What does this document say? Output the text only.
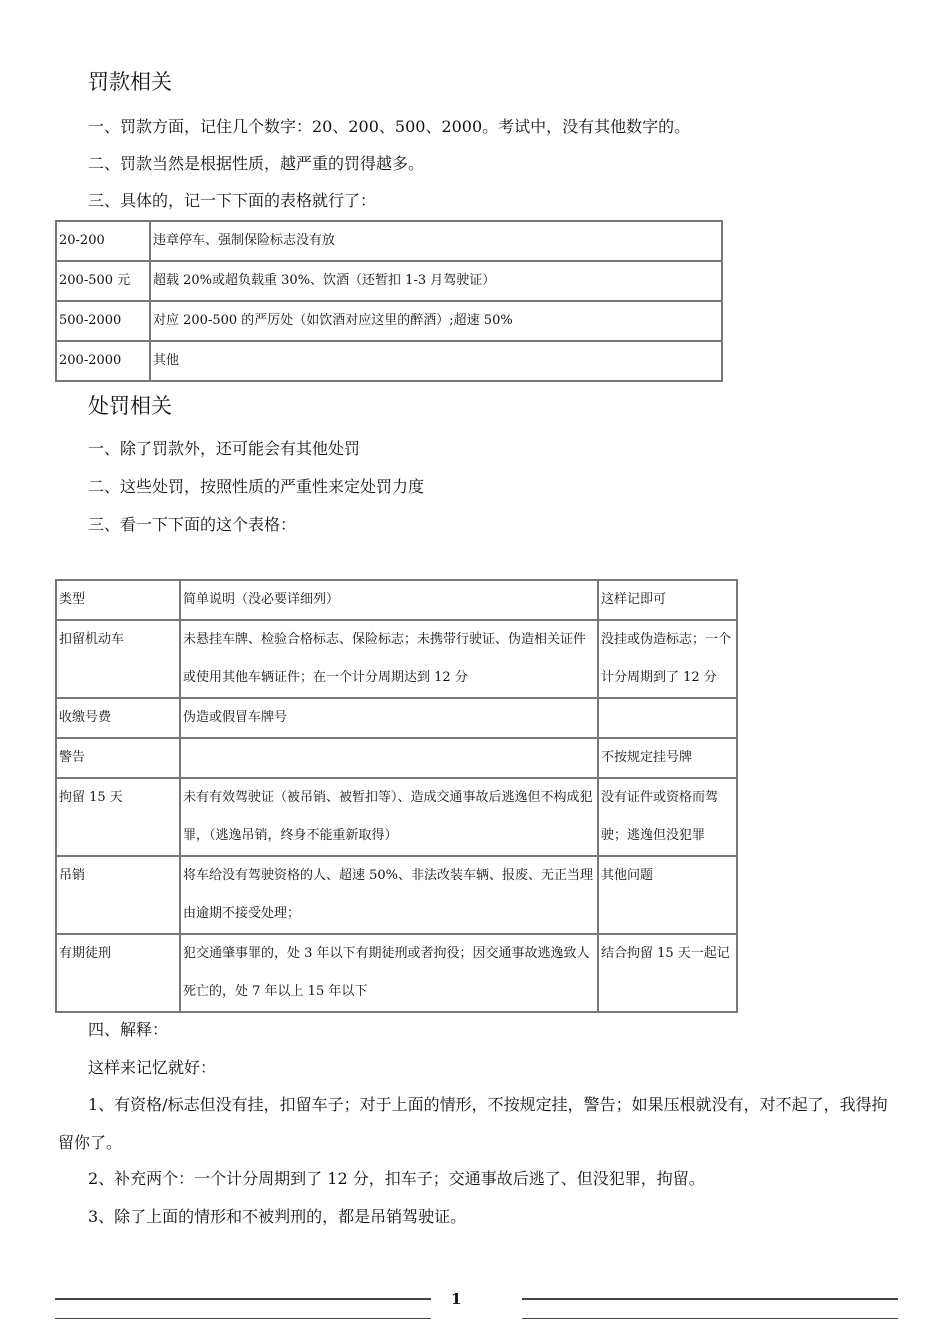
罚款相关
一、罚款方面，记住几个数字：20、200、500、2000。考试中，没有其他数字的。
二、罚款当然是根据性质，越严重的罚得越多。
三、具体的，记一下下面的表格就行了：
20-200	违章停车、强制保险标志没有放
200-500 元	超载 20%或超负载重 30%、饮酒（还暂扣 1-3 月驾驶证）
500-2000	对应 200-500 的严厉处（如饮酒对应这里的醉酒）;超速 50%
200-2000	其他
处罚相关
一、除了罚款外，还可能会有其他处罚
二、这些处罚，按照性质的严重性来定处罚力度
三、看一下下面的这个表格：
类型	简单说明（没必要详细列）	这样记即可
扣留机动车	未悬挂车牌、检验合格标志、保险标志；未携带行驶证、伪造相关证件或使用其他车辆证件；在一个计分周期达到 12 分	没挂或伪造标志；一个计分周期到了 12 分
收缴号费	伪造或假冒车牌号	
警告		不按规定挂号牌
拘留 15 天	未有有效驾驶证（被吊销、被暂扣等）、造成交通事故后逃逸但不构成犯罪，（逃逸吊销，终身不能重新取得）	没有证件或资格而驾驶；逃逸但没犯罪
吊销	将车给没有驾驶资格的人、超速 50%、非法改装车辆、报废、无正当理由逾期不接受处理；	其他问题
有期徒刑	犯交通肇事罪的，处 3 年以下有期徒刑或者拘役；因交通事故逃逸致人死亡的，处 7 年以上 15 年以下	结合拘留 15 天一起记
四、解释：
这样来记忆就好：
1、有资格/标志但没有挂，扣留车子；对于上面的情形，不按规定挂，警告；如果压根就没有，对不起了，我得拘留你了。
2、补充两个：一个计分周期到了 12 分，扣车子；交通事故后逃了、但没犯罪，拘留。
3、除了上面的情形和不被判刑的，都是吊销驾驶证。
1
